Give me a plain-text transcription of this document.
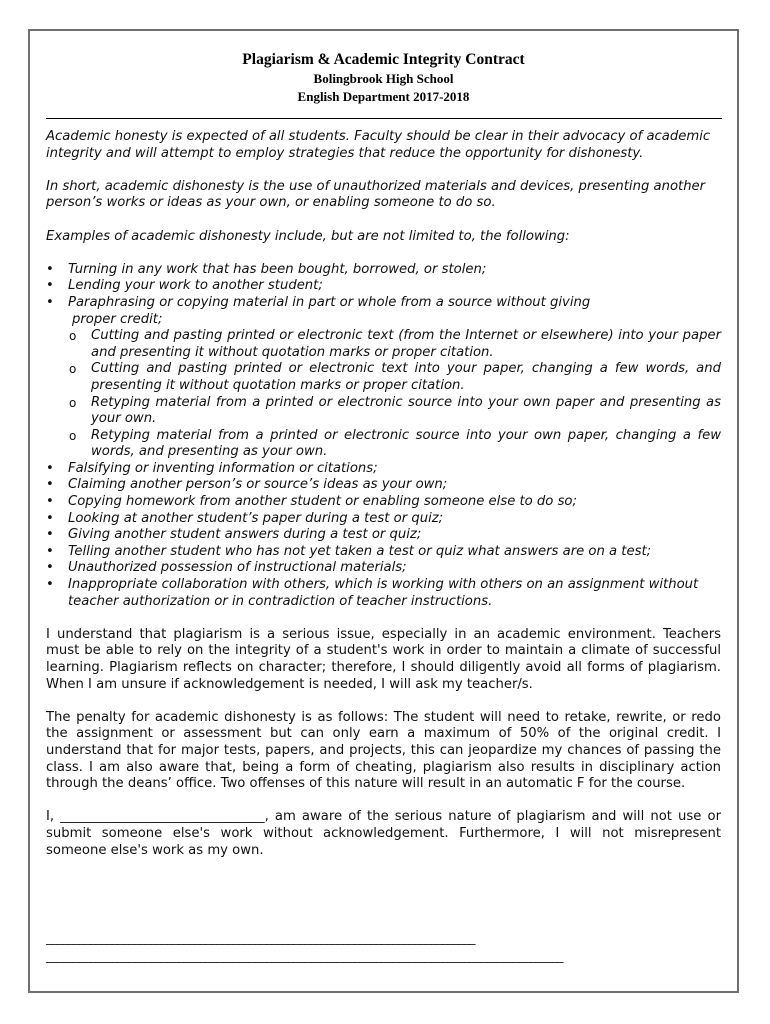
Plagiarism & Academic Integrity Contract
Bolingbrook High School
English Department 2017-2018

Academic honesty is expected of all students. Faculty should be clear in their advocacy of academic integrity and will attempt to employ strategies that reduce the opportunity for dishonesty.

In short, academic dishonesty is the use of unauthorized materials and devices, presenting another person’s works or ideas as your own, or enabling someone to do so.

Examples of academic dishonesty include, but are not limited to, the following:

• Turning in any work that has been bought, borrowed, or stolen;
• Lending your work to another student;
• Paraphrasing or copying material in part or whole from a source without giving
proper credit;
o Cutting and pasting printed or electronic text (from the Internet or elsewhere) into your paper and presenting it without quotation marks or proper citation.
o Cutting and pasting printed or electronic text into your paper, changing a few words, and presenting it without quotation marks or proper citation.
o Retyping material from a printed or electronic source into your own paper and presenting as your own.
o Retyping material from a printed or electronic source into your own paper, changing a few words, and presenting as your own.
• Falsifying or inventing information or citations;
• Claiming another person’s or source’s ideas as your own;
• Copying homework from another student or enabling someone else to do so;
• Looking at another student’s paper during a test or quiz;
• Giving another student answers during a test or quiz;
• Telling another student who has not yet taken a test or quiz what answers are on a test;
• Unauthorized possession of instructional materials;
• Inappropriate collaboration with others, which is working with others on an assignment without teacher authorization or in contradiction of teacher instructions.

I understand that plagiarism is a serious issue, especially in an academic environment. Teachers must be able to rely on the integrity of a student's work in order to maintain a climate of successful learning. Plagiarism reflects on character; therefore, I should diligently avoid all forms of plagiarism. When I am unsure if acknowledgement is needed, I will ask my teacher/s.

The penalty for academic dishonesty is as follows: The student will need to retake, rewrite, or redo the assignment or assessment but can only earn a maximum of 50% of the original credit. I understand that for major tests, papers, and projects, this can jeopardize my chances of passing the class. I am also aware that, being a form of cheating, plagiarism also results in disciplinary action through the deans’ office. Two offenses of this nature will result in an automatic F for the course.

I, _______________________________, am aware of the serious nature of plagiarism and will not use or submit someone else's work without acknowledgement. Furthermore, I will not misrepresent someone else's work as my own.

______________________________________________________________________________
______________________________________________________________________________________________
